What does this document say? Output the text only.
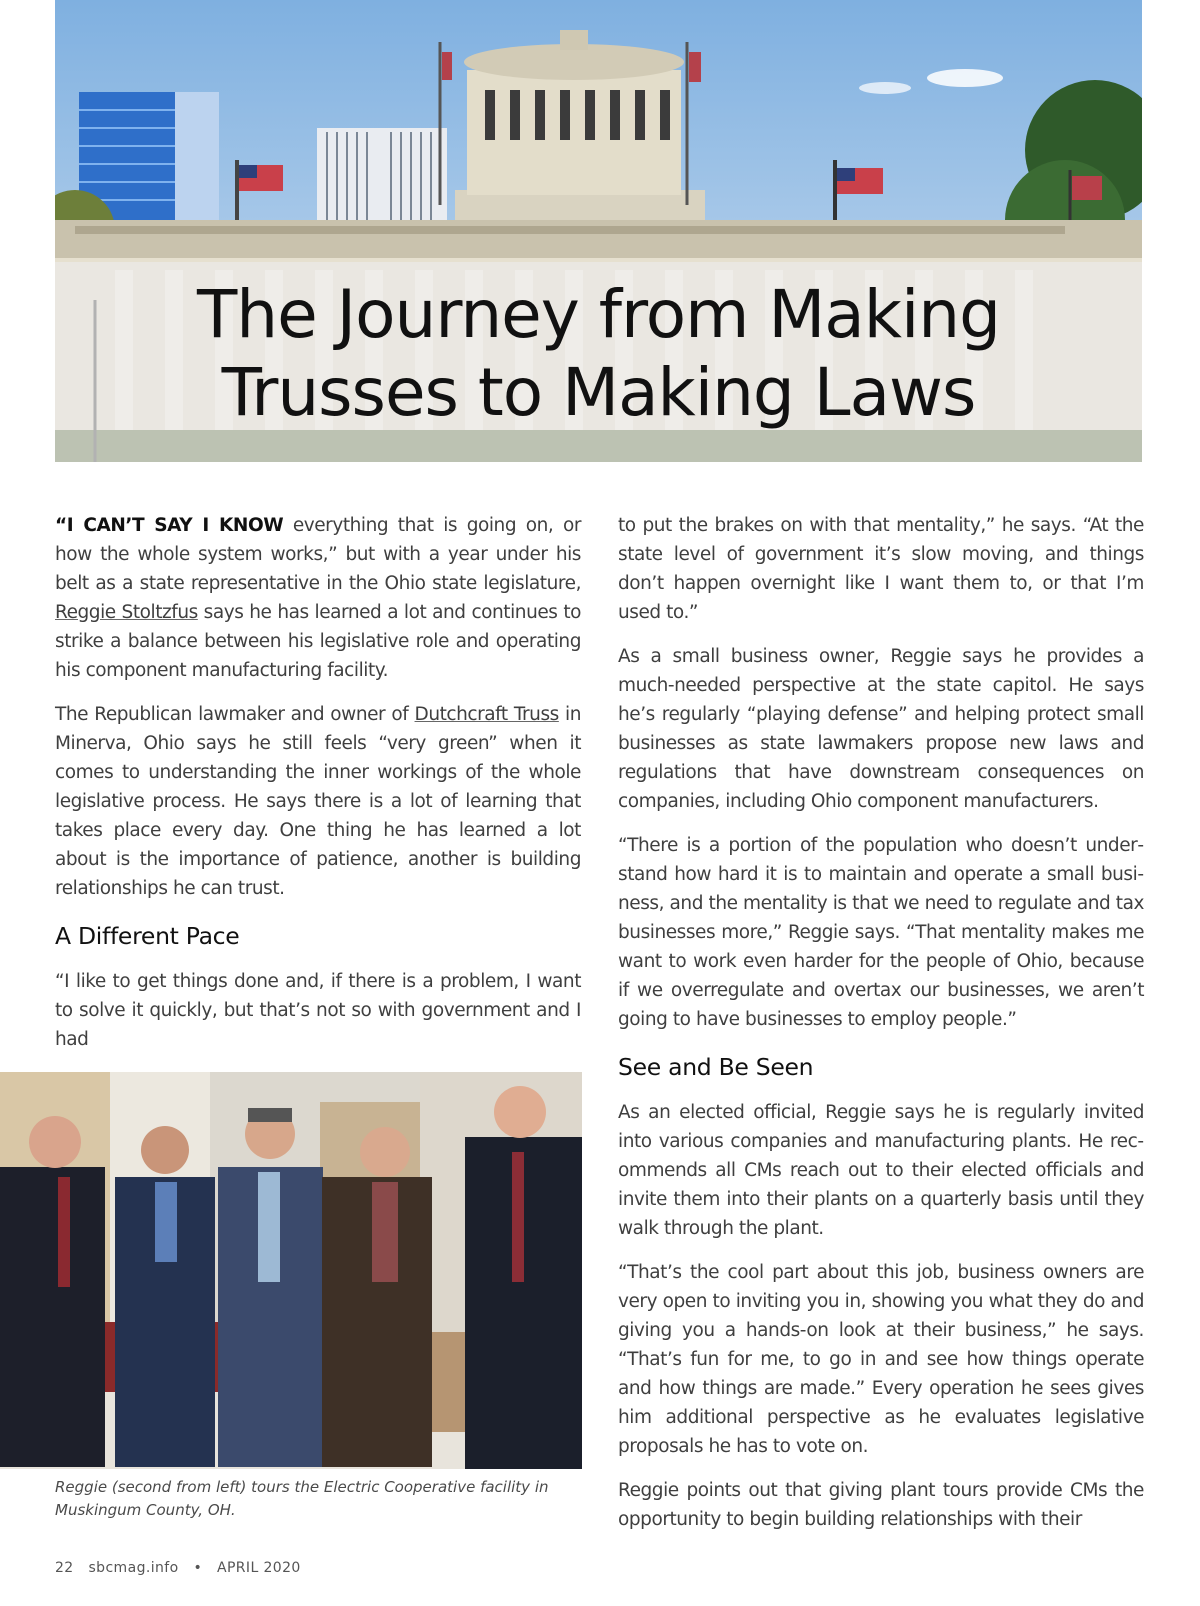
The Journey from Making
Trusses to Making Laws

“I CAN’T SAY I KNOW everything that is going on, or how the whole system works,” but with a year under his belt as a state representative in the Ohio state legislature, Reggie Stoltzfus says he has learned a lot and continues to strike a balance between his legislative role and operating his component manufacturing facility.

The Republican lawmaker and owner of Dutchcraft Truss in Minerva, Ohio says he still feels “very green” when it comes to understanding the inner workings of the whole legislative process. He says there is a lot of learning that takes place every day. One thing he has learned a lot about is the importance of patience, another is building relationships he can trust.

A Different Pace

“I like to get things done and, if there is a problem, I want to solve it quickly, but that’s not so with government and I had

Reggie (second from left) tours the Electric Cooperative facility in Muskingum County, OH.

to put the brakes on with that mentality,” he says. “At the state level of government it’s slow moving, and things don’t happen overnight like I want them to, or that I’m used to.”

As a small business owner, Reggie says he provides a much-needed perspective at the state capitol. He says he’s regularly “playing defense” and helping protect small businesses as state lawmakers propose new laws and regulations that have downstream consequences on companies, including Ohio component manufacturers.

“There is a portion of the population who doesn’t understand how hard it is to maintain and operate a small business, and the mentality is that we need to regulate and tax businesses more,” Reggie says. “That mentality makes me want to work even harder for the people of Ohio, because if we overregulate and overtax our businesses, we aren’t going to have businesses to employ people.”

See and Be Seen

As an elected official, Reggie says he is regularly invited into various companies and manufacturing plants. He recommends all CMs reach out to their elected officials and invite them into their plants on a quarterly basis until they walk through the plant.

“That’s the cool part about this job, business owners are very open to inviting you in, showing you what they do and giving you a hands-on look at their business,” he says. “That’s fun for me, to go in and see how things operate and how things are made.” Every operation he sees gives him additional perspective as he evaluates legislative proposals he has to vote on.

Reggie points out that giving plant tours provide CMs the opportunity to begin building relationships with their

22 sbcmag.info • APRIL 2020
